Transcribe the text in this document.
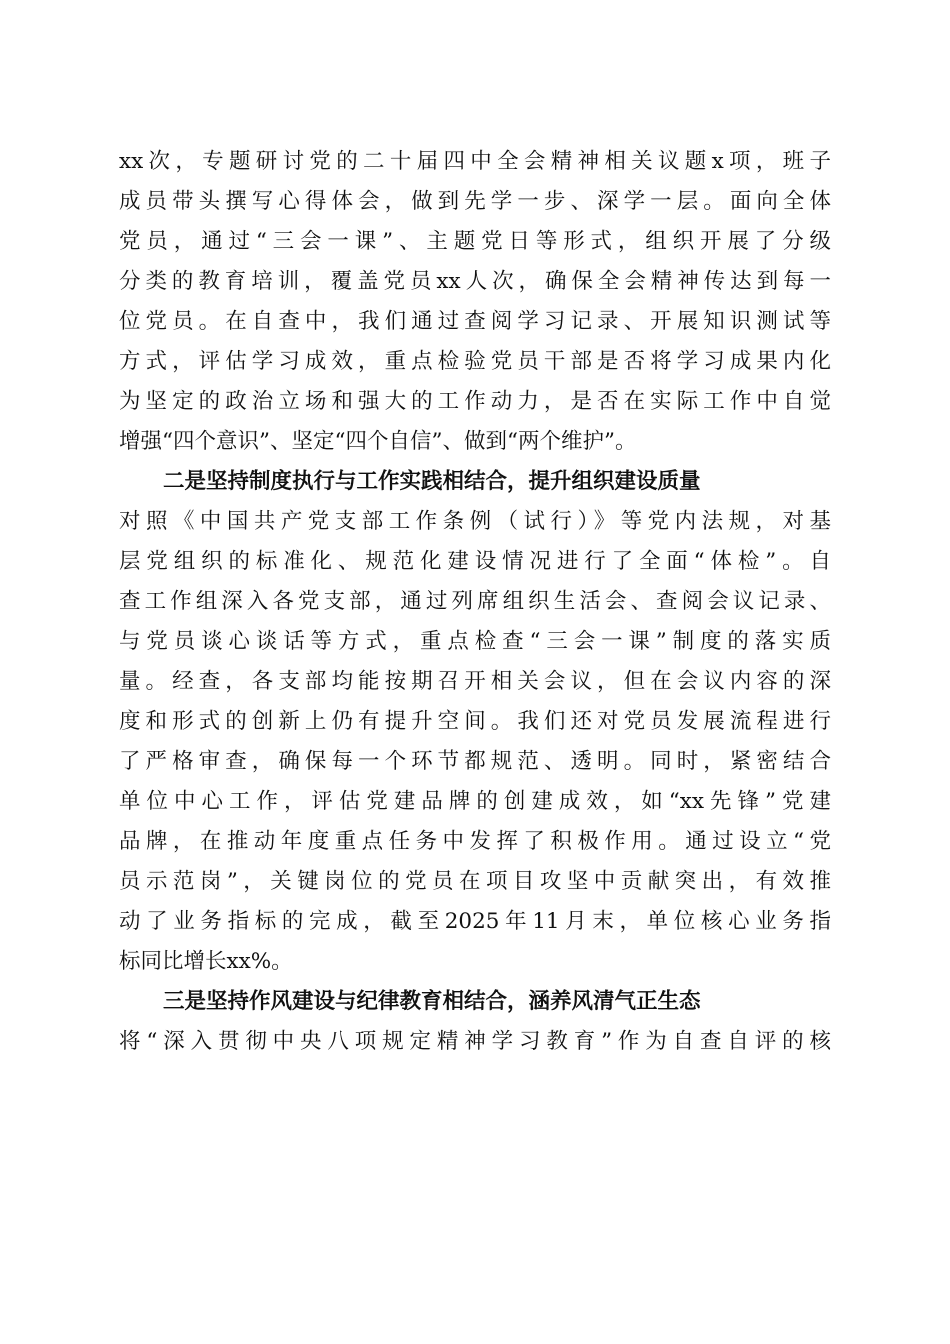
xx次，专题研讨党的二十届四中全会精神相关议题x项，班子
成员带头撰写心得体会，做到先学一步、深学一层。面向全体
党员，通过“三会一课”、主题党日等形式，组织开展了分级
分类的教育培训，覆盖党员xx人次，确保全会精神传达到每一
位党员。在自查中，我们通过查阅学习记录、开展知识测试等
方式，评估学习成效，重点检验党员干部是否将学习成果内化
为坚定的政治立场和强大的工作动力，是否在实际工作中自觉
增强“四个意识”、坚定“四个自信”、做到“两个维护”。
二是坚持制度执行与工作实践相结合，提升组织建设质量
对照《中国共产党支部工作条例（试行）》等党内法规，对基
层党组织的标准化、规范化建设情况进行了全面“体检”。自
查工作组深入各党支部，通过列席组织生活会、查阅会议记录、
与党员谈心谈话等方式，重点检查“三会一课”制度的落实质
量。经查，各支部均能按期召开相关会议，但在会议内容的深
度和形式的创新上仍有提升空间。我们还对党员发展流程进行
了严格审查，确保每一个环节都规范、透明。同时，紧密结合
单位中心工作，评估党建品牌的创建成效，如“xx先锋”党建
品牌，在推动年度重点任务中发挥了积极作用。通过设立“党
员示范岗”，关键岗位的党员在项目攻坚中贡献突出，有效推
动了业务指标的完成，截至2025年11月末，单位核心业务指
标同比增长xx%。
三是坚持作风建设与纪律教育相结合，涵养风清气正生态
将“深入贯彻中央八项规定精神学习教育”作为自查自评的核
